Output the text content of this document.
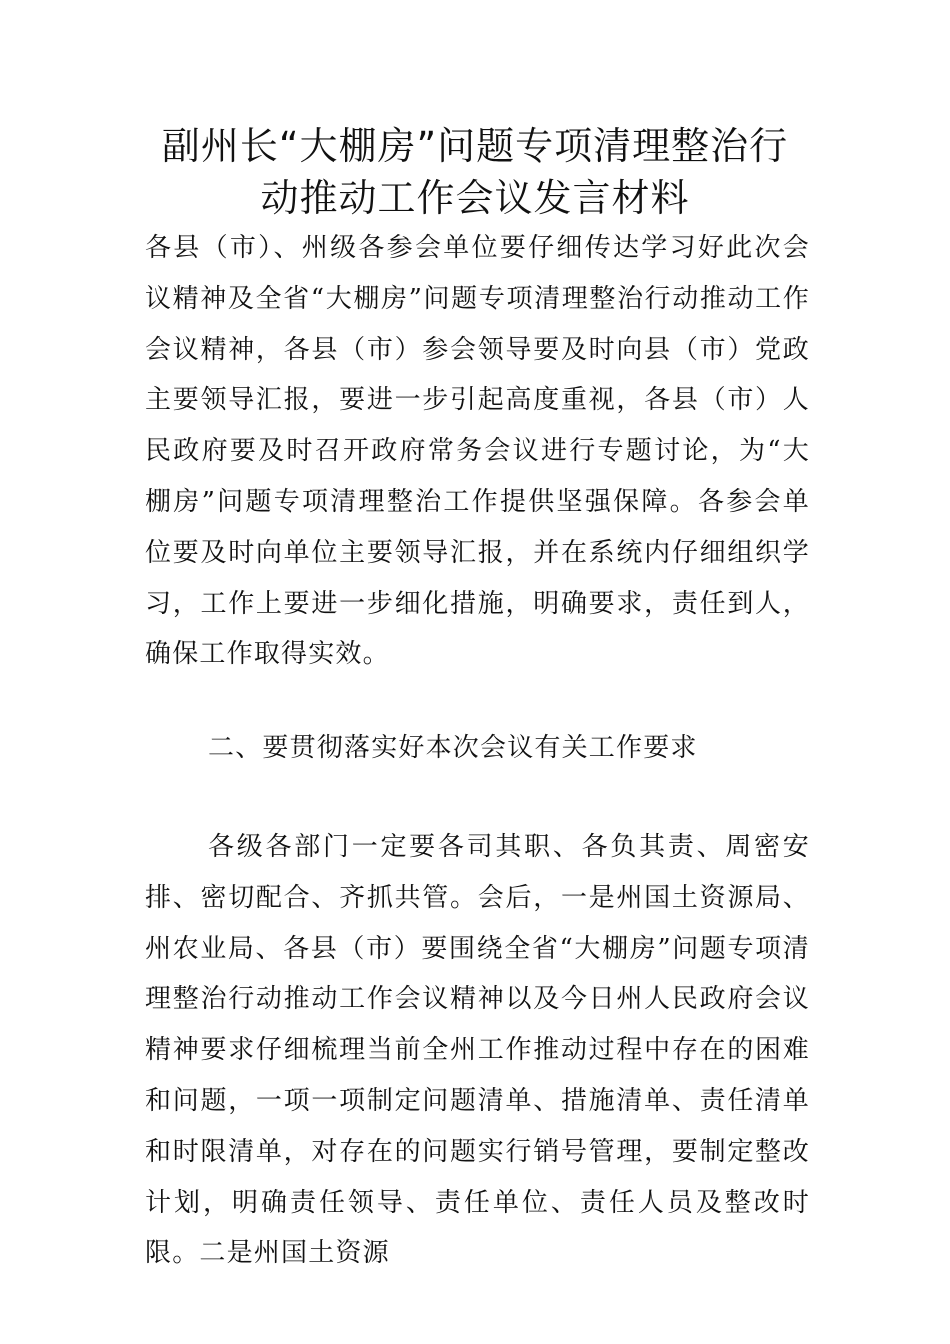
副州长“大棚房”问题专项清理整治行
动推动工作会议发言材料
各县（市）、州级各参会单位要仔细传达学习好此次会议精神及全省“大棚房”问题专项清理整治行动推动工作会议精神，各县（市）参会领导要及时向县（市）党政主要领导汇报，要进一步引起高度重视，各县（市）人民政府要及时召开政府常务会议进行专题讨论，为“大棚房”问题专项清理整治工作提供坚强保障。各参会单位要及时向单位主要领导汇报，并在系统内仔细组织学习，工作上要进一步细化措施，明确要求，责任到人，确保工作取得实效。
二、要贯彻落实好本次会议有关工作要求
各级各部门一定要各司其职、各负其责、周密安排、密切配合、齐抓共管。会后，一是州国土资源局、州农业局、各县（市）要围绕全省“大棚房”问题专项清理整治行动推动工作会议精神以及今日州人民政府会议精神要求仔细梳理当前全州工作推动过程中存在的困难和问题，一项一项制定问题清单、措施清单、责任清单和时限清单，对存在的问题实行销号管理，要制定整改计划，明确责任领导、责任单位、责任人员及整改时限。二是州国土资源
